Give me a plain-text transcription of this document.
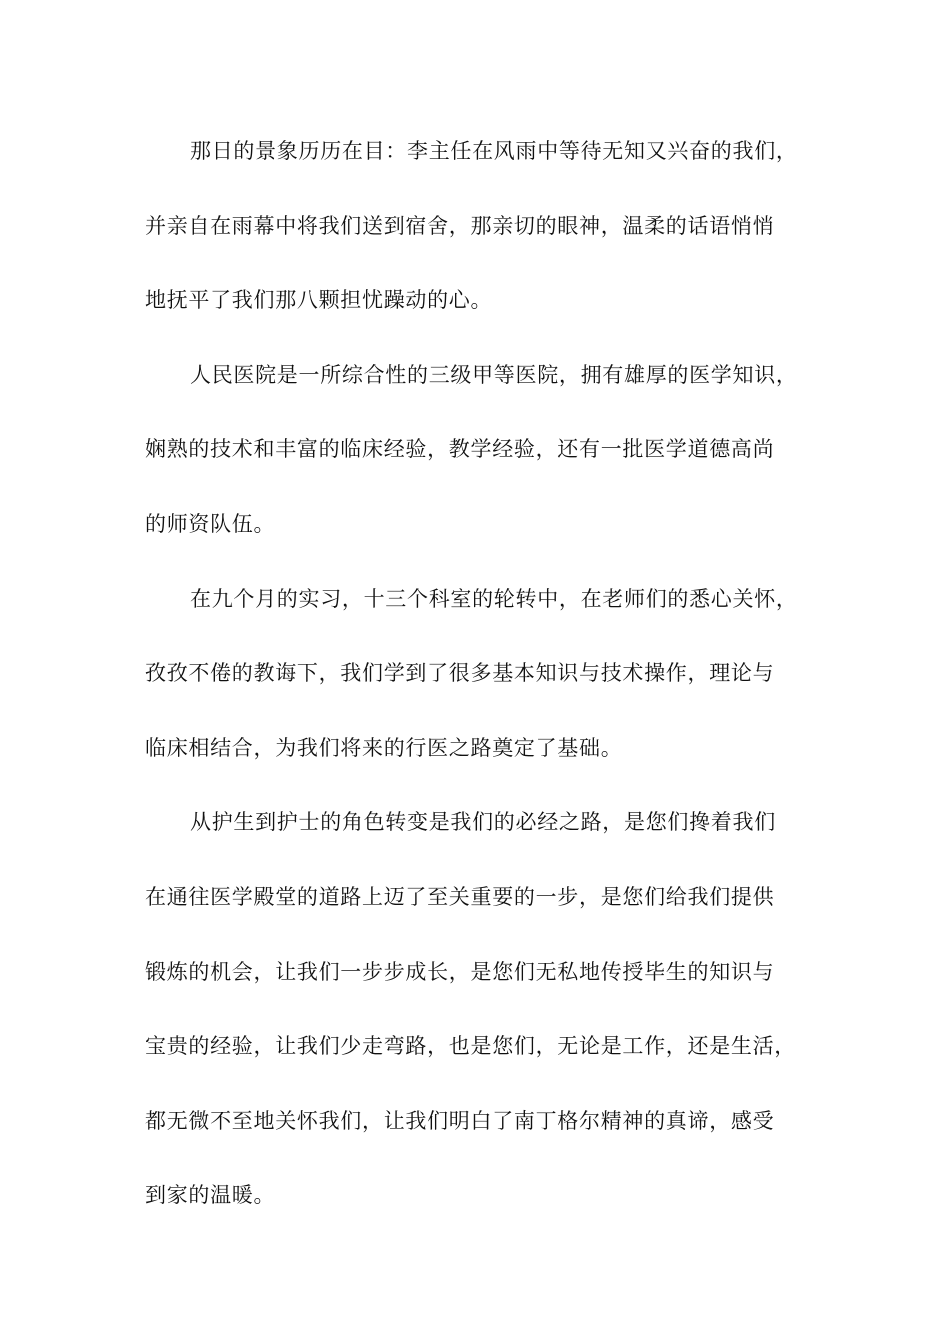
那日的景象历历在目：李主任在风雨中等待无知又兴奋的我们，
并亲自在雨幕中将我们送到宿舍，那亲切的眼神，温柔的话语悄悄
地抚平了我们那八颗担忧躁动的心。
人民医院是一所综合性的三级甲等医院，拥有雄厚的医学知识，
娴熟的技术和丰富的临床经验，教学经验，还有一批医学道德高尚
的师资队伍。
在九个月的实习，十三个科室的轮转中，在老师们的悉心关怀，
孜孜不倦的教诲下，我们学到了很多基本知识与技术操作，理论与
临床相结合，为我们将来的行医之路奠定了基础。
从护生到护士的角色转变是我们的必经之路，是您们搀着我们
在通往医学殿堂的道路上迈了至关重要的一步，是您们给我们提供
锻炼的机会，让我们一步步成长，是您们无私地传授毕生的知识与
宝贵的经验，让我们少走弯路，也是您们，无论是工作，还是生活，
都无微不至地关怀我们，让我们明白了南丁格尔精神的真谛，感受
到家的温暖。
